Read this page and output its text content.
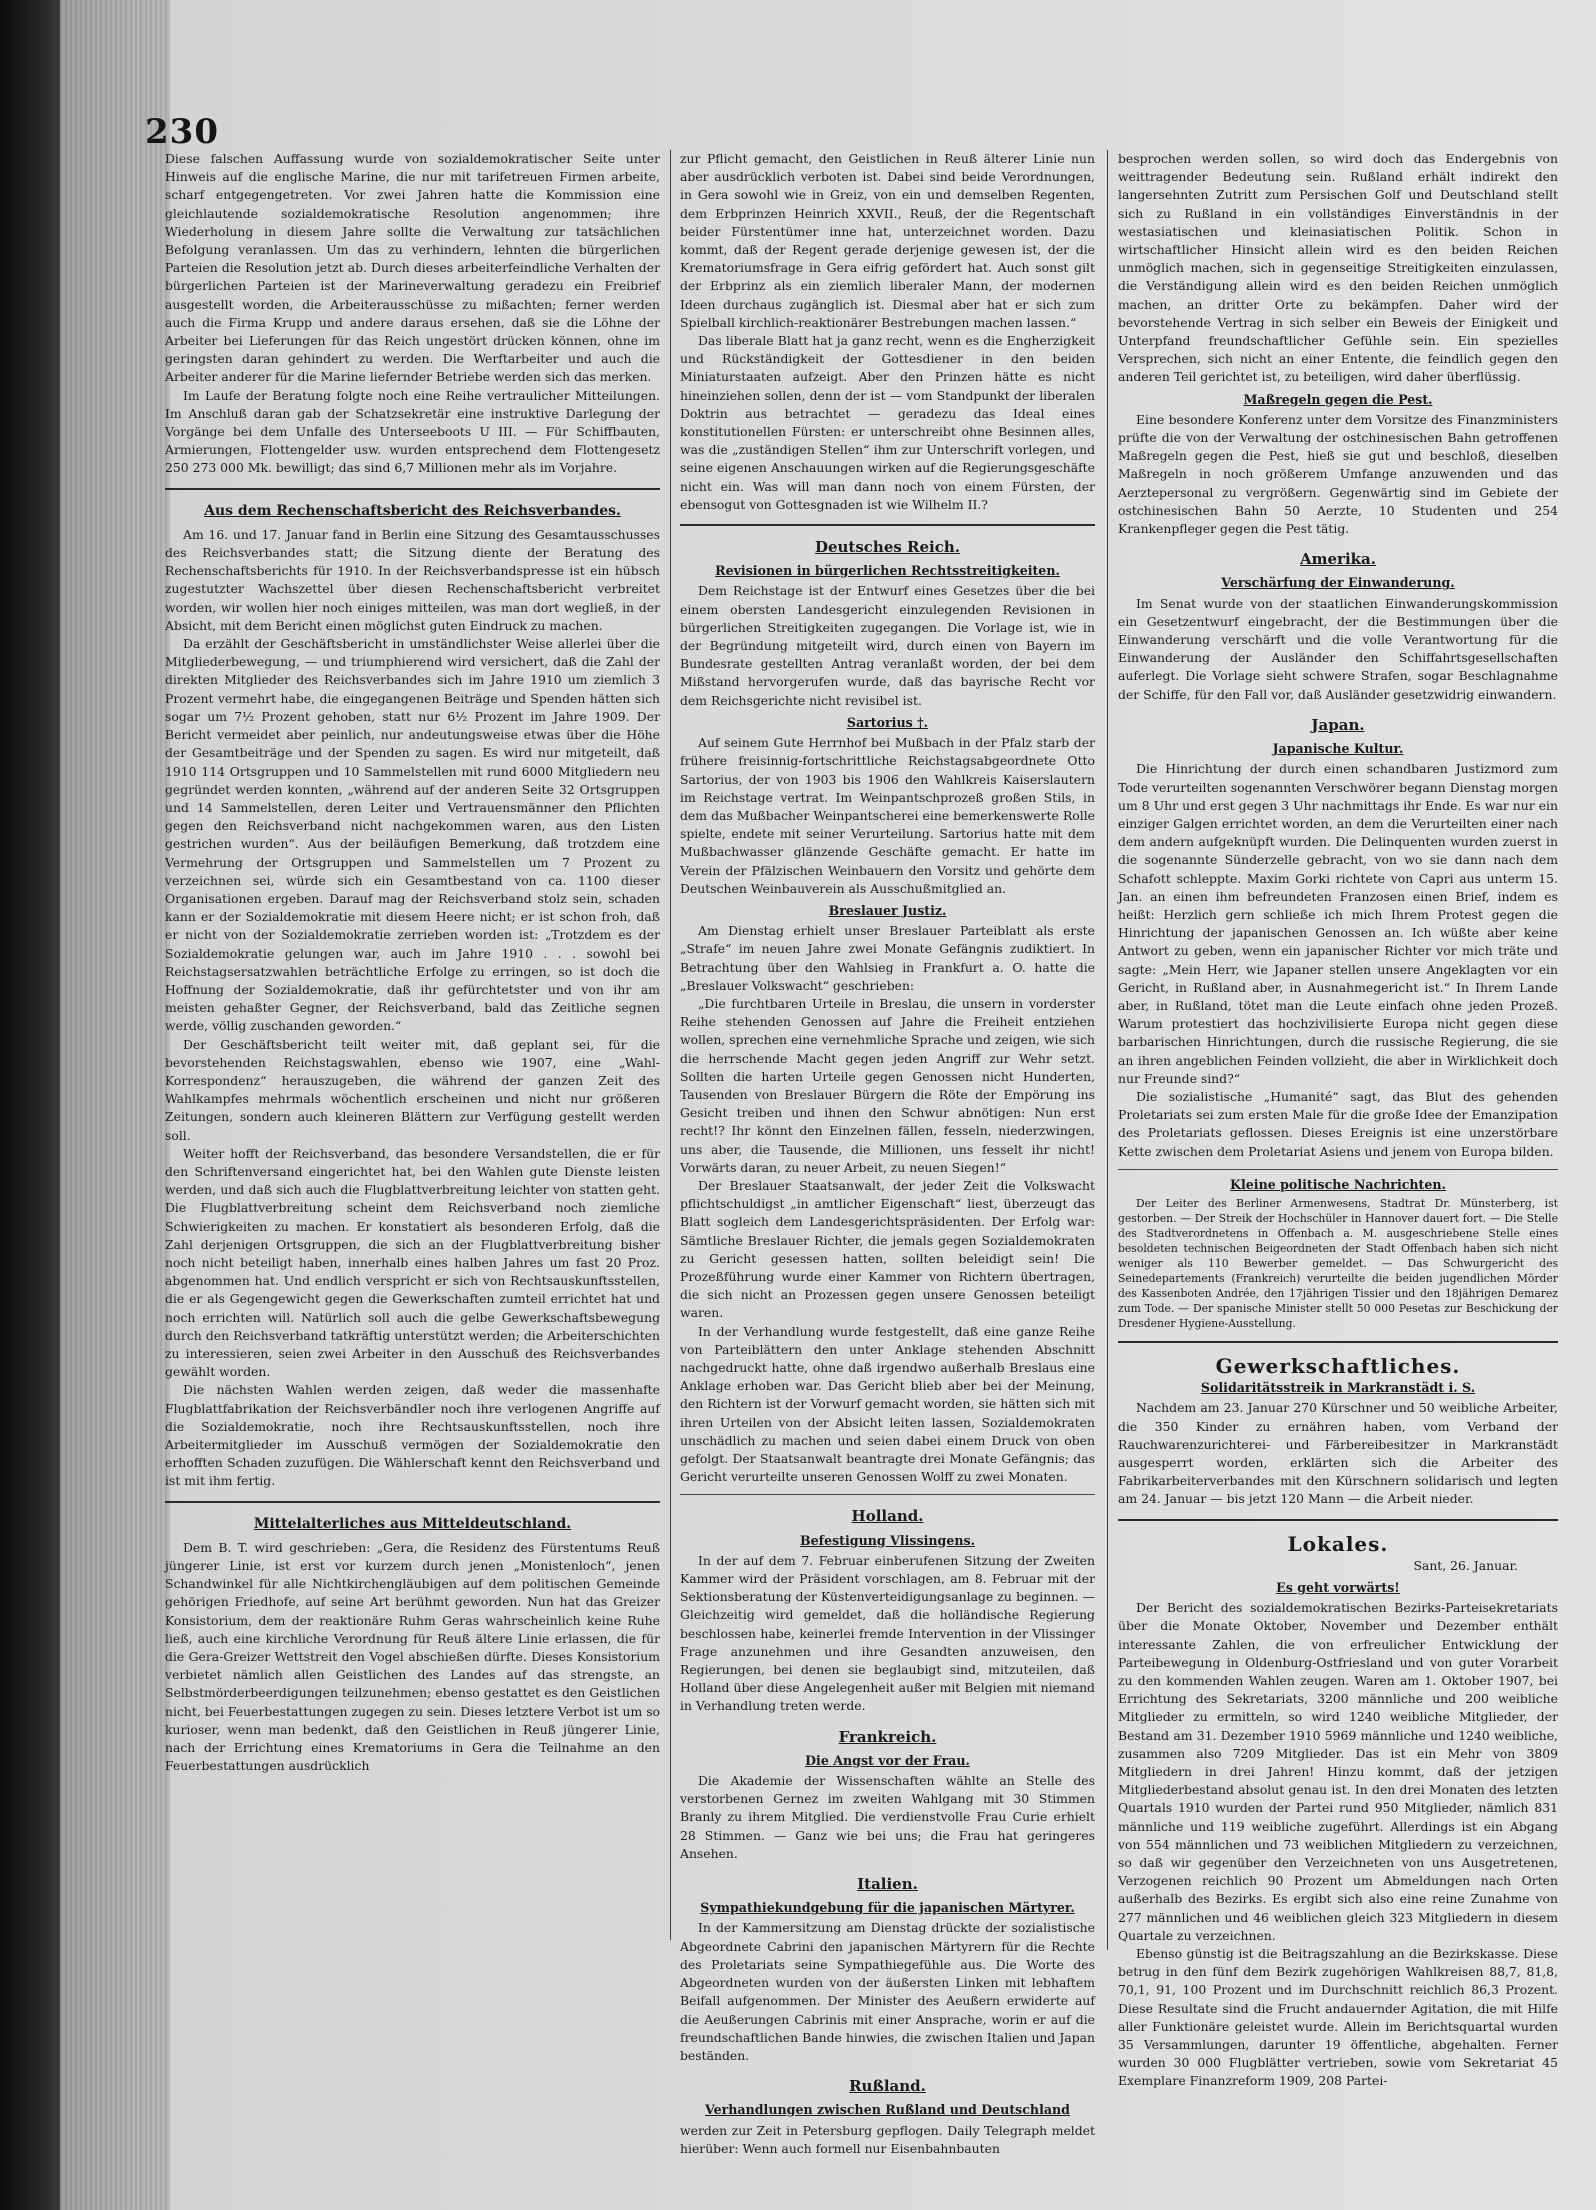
230

Diese falschen Auffassung wurde von sozialdemokratischer Seite unter Hinweis auf die englische Marine, die nur mit tarifetreuen Firmen arbeite, scharf entgegengetreten. Vor zwei Jahren hatte die Kommission eine gleichlautende sozialdemokratische Resolution angenommen; ihre Wiederholung in diesem Jahre sollte die Verwaltung zur tatsächlichen Befolgung veranlassen. Um das zu verhindern, lehnten die bürgerlichen Parteien die Resolution jetzt ab. Durch dieses arbeiterfeindliche Verhalten der bürgerlichen Parteien ist der Marineverwaltung geradezu ein Freibrief ausgestellt worden, die Arbeiterausschüsse zu mißachten; ferner werden auch die Firma Krupp und andere daraus ersehen, daß sie die Löhne der Arbeiter bei Lieferungen für das Reich ungestört drücken können, ohne im geringsten daran gehindert zu werden. Die Werftarbeiter und auch die Arbeiter anderer für die Marine liefernder Betriebe werden sich das merken.

Im Laufe der Beratung folgte noch eine Reihe vertraulicher Mitteilungen. Im Anschluß daran gab der Schatzsekretär eine instruktive Darlegung der Vorgänge bei dem Unfalle des Unterseeboots U III. — Für Schiffbauten, Armierungen, Flottengelder usw. wurden entsprechend dem Flottengesetz 250 273 000 Mk. bewilligt; das sind 6,7 Millionen mehr als im Vorjahre.

Aus dem Rechenschaftsbericht des Reichsverbandes.

Am 16. und 17. Januar fand in Berlin eine Sitzung des Gesamtausschusses des Reichsverbandes statt; die Sitzung diente der Beratung des Rechenschaftsberichts für 1910. In der Reichsverbandspresse ist ein hübsch zugestutzter Wachszettel über diesen Rechenschaftsbericht verbreitet worden, wir wollen hier noch einiges mitteilen, was man dort wegließ, in der Absicht, mit dem Bericht einen möglichst guten Eindruck zu machen.

Da erzählt der Geschäftsbericht in umständlichster Weise allerlei über die Mitgliederbewegung, — und triumphierend wird versichert, daß die Zahl der direkten Mitglieder des Reichsverbandes sich im Jahre 1910 um ziemlich 3 Prozent vermehrt habe, die eingegangenen Beiträge und Spenden hätten sich sogar um 7½ Prozent gehoben, statt nur 6½ Prozent im Jahre 1909. Der Bericht vermeidet aber peinlich, nur andeutungsweise etwas über die Höhe der Gesamtbeiträge und der Spenden zu sagen. Es wird nur mitgeteilt, daß 1910 114 Ortsgruppen und 10 Sammelstellen mit rund 6000 Mitgliedern neu gegründet werden konnten, „während auf der anderen Seite 32 Ortsgruppen und 14 Sammelstellen, deren Leiter und Vertrauensmänner den Pflichten gegen den Reichsverband nicht nachgekommen waren, aus den Listen gestrichen wurden“. Aus der beiläufigen Bemerkung, daß trotzdem eine Vermehrung der Ortsgruppen und Sammelstellen um 7 Prozent zu verzeichnen sei, würde sich ein Gesamtbestand von ca. 1100 dieser Organisationen ergeben. Darauf mag der Reichsverband stolz sein, schaden kann er der Sozialdemokratie mit diesem Heere nicht; er ist schon froh, daß er nicht von der Sozialdemokratie zerrieben worden ist: „Trotzdem es der Sozialdemokratie gelungen war, auch im Jahre 1910 . . . sowohl bei Reichstagsersatzwahlen beträchtliche Erfolge zu erringen, so ist doch die Hoffnung der Sozialdemokratie, daß ihr gefürchtetster und von ihr am meisten gehaßter Gegner, der Reichsverband, bald das Zeitliche segnen werde, völlig zuschanden geworden.“

Der Geschäftsbericht teilt weiter mit, daß geplant sei, für die bevorstehenden Reichstagswahlen, ebenso wie 1907, eine „Wahl-Korrespondenz“ herauszugeben, die während der ganzen Zeit des Wahlkampfes mehrmals wöchentlich erscheinen und nicht nur größeren Zeitungen, sondern auch kleineren Blättern zur Verfügung gestellt werden soll.

Weiter hofft der Reichsverband, das besondere Versandstellen, die er für den Schriftenversand eingerichtet hat, bei den Wahlen gute Dienste leisten werden, und daß sich auch die Flugblattverbreitung leichter von statten geht. Die Flugblattverbreitung scheint dem Reichsverband noch ziemliche Schwierigkeiten zu machen. Er konstatiert als besonderen Erfolg, daß die Zahl derjenigen Ortsgruppen, die sich an der Flugblattverbreitung bisher noch nicht beteiligt haben, innerhalb eines halben Jahres um fast 20 Proz. abgenommen hat. Und endlich verspricht er sich von Rechtsauskunftsstellen, die er als Gegengewicht gegen die Gewerkschaften zumteil errichtet hat und noch errichten will. Natürlich soll auch die gelbe Gewerkschaftsbewegung durch den Reichsverband tatkräftig unterstützt werden; die Arbeiterschichten zu interessieren, seien zwei Arbeiter in den Ausschuß des Reichsverbandes gewählt worden.

Die nächsten Wahlen werden zeigen, daß weder die massenhafte Flugblattfabrikation der Reichsverbändler noch ihre verlogenen Angriffe auf die Sozialdemokratie, noch ihre Rechtsauskunftsstellen, noch ihre Arbeitermitglieder im Ausschuß vermögen der Sozialdemokratie den erhofften Schaden zuzufügen. Die Wählerschaft kennt den Reichsverband und ist mit ihm fertig.

Mittelalterliches aus Mitteldeutschland.

Dem B. T. wird geschrieben: „Gera, die Residenz des Fürstentums Reuß jüngerer Linie, ist erst vor kurzem durch jenen „Monistenloch“, jenen Schandwinkel für alle Nichtkirchengläubigen auf dem politischen Gemeinde gehörigen Friedhofe, auf seine Art berühmt geworden. Nun hat das Greizer Konsistorium, dem der reaktionäre Ruhm Geras wahrscheinlich keine Ruhe ließ, auch eine kirchliche Verordnung für Reuß ältere Linie erlassen, die für die Gera-Greizer Wettstreit den Vogel abschießen dürfte. Dieses Konsistorium verbietet nämlich allen Geistlichen des Landes auf das strengste, an Selbstmörderbeerdigungen teilzunehmen; ebenso gestattet es den Geistlichen nicht, bei Feuerbestattungen zugegen zu sein. Dieses letztere Verbot ist um so kurioser, wenn man bedenkt, daß den Geistlichen in Reuß jüngerer Linie, nach der Errichtung eines Krematoriums in Gera die Teilnahme an den Feuerbestattungen ausdrücklich

zur Pflicht gemacht, den Geistlichen in Reuß älterer Linie nun aber ausdrücklich verboten ist. Dabei sind beide Verordnungen, in Gera sowohl wie in Greiz, von ein und demselben Regenten, dem Erbprinzen Heinrich XXVII., Reuß, der die Regentschaft beider Fürstentümer inne hat, unterzeichnet worden. Dazu kommt, daß der Regent gerade derjenige gewesen ist, der die Krematoriumsfrage in Gera eifrig gefördert hat. Auch sonst gilt der Erbprinz als ein ziemlich liberaler Mann, der modernen Ideen durchaus zugänglich ist. Diesmal aber hat er sich zum Spielball kirchlich-reaktionärer Bestrebungen machen lassen.“

Das liberale Blatt hat ja ganz recht, wenn es die Engherzigkeit und Rückständigkeit der Gottesdiener in den beiden Miniaturstaaten aufzeigt. Aber den Prinzen hätte es nicht hineinziehen sollen, denn der ist — vom Standpunkt der liberalen Doktrin aus betrachtet — geradezu das Ideal eines konstitutionellen Fürsten: er unterschreibt ohne Besinnen alles, was die „zuständigen Stellen“ ihm zur Unterschrift vorlegen, und seine eigenen Anschauungen wirken auf die Regierungsgeschäfte nicht ein. Was will man dann noch von einem Fürsten, der ebensogut von Gottesgnaden ist wie Wilhelm II.?

Deutsches Reich.
Revisionen in bürgerlichen Rechtsstreitigkeiten.

Dem Reichstage ist der Entwurf eines Gesetzes über die bei einem obersten Landesgericht einzulegenden Revisionen in bürgerlichen Streitigkeiten zugegangen. Die Vorlage ist, wie in der Begründung mitgeteilt wird, durch einen von Bayern im Bundesrate gestellten Antrag veranlaßt worden, der bei dem Mißstand hervorgerufen wurde, daß das bayrische Recht vor dem Reichsgerichte nicht revisibel ist.

Sartorius †.

Auf seinem Gute Herrnhof bei Mußbach in der Pfalz starb der frühere freisinnig-fortschrittliche Reichstagsabgeordnete Otto Sartorius, der von 1903 bis 1906 den Wahlkreis Kaiserslautern im Reichstage vertrat. Im Weinpantschprozeß großen Stils, in dem das Mußbacher Weinpantscherei eine bemerkenswerte Rolle spielte, endete mit seiner Verurteilung. Sartorius hatte mit dem Mußbachwasser glänzende Geschäfte gemacht. Er hatte im Verein der Pfälzischen Weinbauern den Vorsitz und gehörte dem Deutschen Weinbauverein als Ausschußmitglied an.

Breslauer Justiz.

Am Dienstag erhielt unser Breslauer Parteiblatt als erste „Strafe“ im neuen Jahre zwei Monate Gefängnis zudiktiert. In Betrachtung über den Wahlsieg in Frankfurt a. O. hatte die „Breslauer Volkswacht“ geschrieben:

„Die furchtbaren Urteile in Breslau, die unsern in vorderster Reihe stehenden Genossen auf Jahre die Freiheit entziehen wollen, sprechen eine vernehmliche Sprache und zeigen, wie sich die herrschende Macht gegen jeden Angriff zur Wehr setzt. Sollten die harten Urteile gegen Genossen nicht Hunderten, Tausenden von Breslauer Bürgern die Röte der Empörung ins Gesicht treiben und ihnen den Schwur abnötigen: Nun erst recht!? Ihr könnt den Einzelnen fällen, fesseln, niederzwingen, uns aber, die Tausende, die Millionen, uns fesselt ihr nicht! Vorwärts daran, zu neuer Arbeit, zu neuen Siegen!“

Der Breslauer Staatsanwalt, der jeder Zeit die Volkswacht pflichtschuldigst „in amtlicher Eigenschaft“ liest, überzeugt das Blatt sogleich dem Landesgerichtspräsidenten. Der Erfolg war: Sämtliche Breslauer Richter, die jemals gegen Sozialdemokraten zu Gericht gesessen hatten, sollten beleidigt sein! Die Prozeßführung wurde einer Kammer von Richtern übertragen, die sich nicht an Prozessen gegen unsere Genossen beteiligt waren.

In der Verhandlung wurde festgestellt, daß eine ganze Reihe von Parteiblättern den unter Anklage stehenden Abschnitt nachgedruckt hatte, ohne daß irgendwo außerhalb Breslaus eine Anklage erhoben war. Das Gericht blieb aber bei der Meinung, den Richtern ist der Vorwurf gemacht worden, sie hätten sich mit ihren Urteilen von der Absicht leiten lassen, Sozialdemokraten unschädlich zu machen und seien dabei einem Druck von oben gefolgt. Der Staatsanwalt beantragte drei Monate Gefängnis; das Gericht verurteilte unseren Genossen Wolff zu zwei Monaten.

Holland.
Befestigung Vlissingens.

In der auf dem 7. Februar einberufenen Sitzung der Zweiten Kammer wird der Präsident vorschlagen, am 8. Februar mit der Sektionsberatung der Küstenverteidigungsanlage zu beginnen. — Gleichzeitig wird gemeldet, daß die holländische Regierung beschlossen habe, keinerlei fremde Intervention in der Vlissinger Frage anzunehmen und ihre Gesandten anzuweisen, den Regierungen, bei denen sie beglaubigt sind, mitzuteilen, daß Holland über diese Angelegenheit außer mit Belgien mit niemand in Verhandlung treten werde.

Frankreich.
Die Angst vor der Frau.

Die Akademie der Wissenschaften wählte an Stelle des verstorbenen Gernez im zweiten Wahlgang mit 30 Stimmen Branly zu ihrem Mitglied. Die verdienstvolle Frau Curie erhielt 28 Stimmen. — Ganz wie bei uns; die Frau hat geringeres Ansehen.

Italien.
Sympathiekundgebung für die japanischen Märtyrer.

In der Kammersitzung am Dienstag drückte der sozialistische Abgeordnete Cabrini den japanischen Märtyrern für die Rechte des Proletariats seine Sympathiegefühle aus. Die Worte des Abgeordneten wurden von der äußersten Linken mit lebhaftem Beifall aufgenommen. Der Minister des Aeußern erwiderte auf die Aeußerungen Cabrinis mit einer Ansprache, worin er auf die freundschaftlichen Bande hinwies, die zwischen Italien und Japan beständen.

Rußland.
Verhandlungen zwischen Rußland und Deutschland

werden zur Zeit in Petersburg gepflogen. Daily Telegraph meldet hierüber: Wenn auch formell nur Eisenbahnbauten

besprochen werden sollen, so wird doch das Endergebnis von weittragender Bedeutung sein. Rußland erhält indirekt den langersehnten Zutritt zum Persischen Golf und Deutschland stellt sich zu Rußland in ein vollständiges Einverständnis in der westasiatischen und kleinasiatischen Politik. Schon in wirtschaftlicher Hinsicht allein wird es den beiden Reichen unmöglich machen, sich in gegenseitige Streitigkeiten einzulassen, die Verständigung allein wird es den beiden Reichen unmöglich machen, an dritter Orte zu bekämpfen. Daher wird der bevorstehende Vertrag in sich selber ein Beweis der Einigkeit und Unterpfand freundschaftlicher Gefühle sein. Ein spezielles Versprechen, sich nicht an einer Entente, die feindlich gegen den anderen Teil gerichtet ist, zu beteiligen, wird daher überflüssig.

Maßregeln gegen die Pest.

Eine besondere Konferenz unter dem Vorsitze des Finanzministers prüfte die von der Verwaltung der ostchinesischen Bahn getroffenen Maßregeln gegen die Pest, hieß sie gut und beschloß, dieselben Maßregeln in noch größerem Umfange anzuwenden und das Aerztepersonal zu vergrößern. Gegenwärtig sind im Gebiete der ostchinesischen Bahn 50 Aerzte, 10 Studenten und 254 Krankenpfleger gegen die Pest tätig.

Amerika.
Verschärfung der Einwanderung.

Im Senat wurde von der staatlichen Einwanderungskommission ein Gesetzentwurf eingebracht, der die Bestimmungen über die Einwanderung verschärft und die volle Verantwortung für die Einwanderung der Ausländer den Schiffahrtsgesellschaften auferlegt. Die Vorlage sieht schwere Strafen, sogar Beschlagnahme der Schiffe, für den Fall vor, daß Ausländer gesetzwidrig einwandern.

Japan.
Japanische Kultur.

Die Hinrichtung der durch einen schandbaren Justizmord zum Tode verurteilten sogenannten Verschwörer begann Dienstag morgen um 8 Uhr und erst gegen 3 Uhr nachmittags ihr Ende. Es war nur ein einziger Galgen errichtet worden, an dem die Verurteilten einer nach dem andern aufgeknüpft wurden. Die Delinquenten wurden zuerst in die sogenannte Sünderzelle gebracht, von wo sie dann nach dem Schafott schleppte. Maxim Gorki richtete von Capri aus unterm 15. Jan. an einen ihm befreundeten Franzosen einen Brief, indem es heißt: Herzlich gern schließe ich mich Ihrem Protest gegen die Hinrichtung der japanischen Genossen an. Ich wüßte aber keine Antwort zu geben, wenn ein japanischer Richter vor mich träte und sagte: „Mein Herr, wie Japaner stellen unsere Angeklagten vor ein Gericht, in Rußland aber, in Ausnahmegericht ist.“ In Ihrem Lande aber, in Rußland, tötet man die Leute einfach ohne jeden Prozeß. Warum protestiert das hochzivilisierte Europa nicht gegen diese barbarischen Hinrichtungen, durch die russische Regierung, die sie an ihren angeblichen Feinden vollzieht, die aber in Wirklichkeit doch nur Freunde sind?“

Die sozialistische „Humanité“ sagt, das Blut des gehenden Proletariats sei zum ersten Male für die große Idee der Emanzipation des Proletariats geflossen. Dieses Ereignis ist eine unzerstörbare Kette zwischen dem Proletariat Asiens und jenem von Europa bilden.

Kleine politische Nachrichten.

Der Leiter des Berliner Armenwesens, Stadtrat Dr. Münsterberg, ist gestorben. — Der Streik der Hochschüler in Hannover dauert fort. — Die Stelle des Stadtverordnetens in Offenbach a. M. ausgeschriebene Stelle eines besoldeten technischen Beigeordneten der Stadt Offenbach haben sich nicht weniger als 110 Bewerber gemeldet. — Das Schwurgericht des Seinedepartements (Frankreich) verurteilte die beiden jugendlichen Mörder des Kassenboten Andrée, den 17jährigen Tissier und den 18jährigen Demarez zum Tode. — Der spanische Minister stellt 50 000 Pesetas zur Beschickung der Dresdener Hygiene-Ausstellung.

Gewerkschaftliches.
Solidaritätsstreik in Markranstädt i. S.

Nachdem am 23. Januar 270 Kürschner und 50 weibliche Arbeiter, die 350 Kinder zu ernähren haben, vom Verband der Rauchwarenzurichterei- und Färbereibesitzer in Markranstädt ausgesperrt worden, erklärten sich die Arbeiter des Fabrikarbeiterverbandes mit den Kürschnern solidarisch und legten am 24. Januar — bis jetzt 120 Mann — die Arbeit nieder.

Lokales.
Sant, 26. Januar.
Es geht vorwärts!

Der Bericht des sozialdemokratischen Bezirks-Parteisekretariats über die Monate Oktober, November und Dezember enthält interessante Zahlen, die von erfreulicher Entwicklung der Parteibewegung in Oldenburg-Ostfriesland und von guter Vorarbeit zu den kommenden Wahlen zeugen. Waren am 1. Oktober 1907, bei Errichtung des Sekretariats, 3200 männliche und 200 weibliche Mitglieder zu ermitteln, so wird 1240 weibliche Mitglieder, der Bestand am 31. Dezember 1910 5969 männliche und 1240 weibliche, zusammen also 7209 Mitglieder. Das ist ein Mehr von 3809 Mitgliedern in drei Jahren! Hinzu kommt, daß der jetzigen Mitgliederbestand absolut genau ist. In den drei Monaten des letzten Quartals 1910 wurden der Partei rund 950 Mitglieder, nämlich 831 männliche und 119 weibliche zugeführt. Allerdings ist ein Abgang von 554 männlichen und 73 weiblichen Mitgliedern zu verzeichnen, so daß wir gegenüber den Verzeichneten von uns Ausgetretenen, Verzogenen reichlich 90 Prozent um Abmeldungen nach Orten außerhalb des Bezirks. Es ergibt sich also eine reine Zunahme von 277 männlichen und 46 weiblichen gleich 323 Mitgliedern in diesem Quartale zu verzeichnen.

Ebenso günstig ist die Beitragszahlung an die Bezirkskasse. Diese betrug in den fünf dem Bezirk zugehörigen Wahlkreisen 88,7, 81,8, 70,1, 91, 100 Prozent und im Durchschnitt reichlich 86,3 Prozent. Diese Resultate sind die Frucht andauernder Agitation, die mit Hilfe aller Funktionäre geleistet wurde. Allein im Berichtsquartal wurden 35 Versammlungen, darunter 19 öffentliche, abgehalten. Ferner wurden 30 000 Flugblätter vertrieben, sowie vom Sekretariat 45 Exemplare Finanzreform 1909, 208 Partei-
